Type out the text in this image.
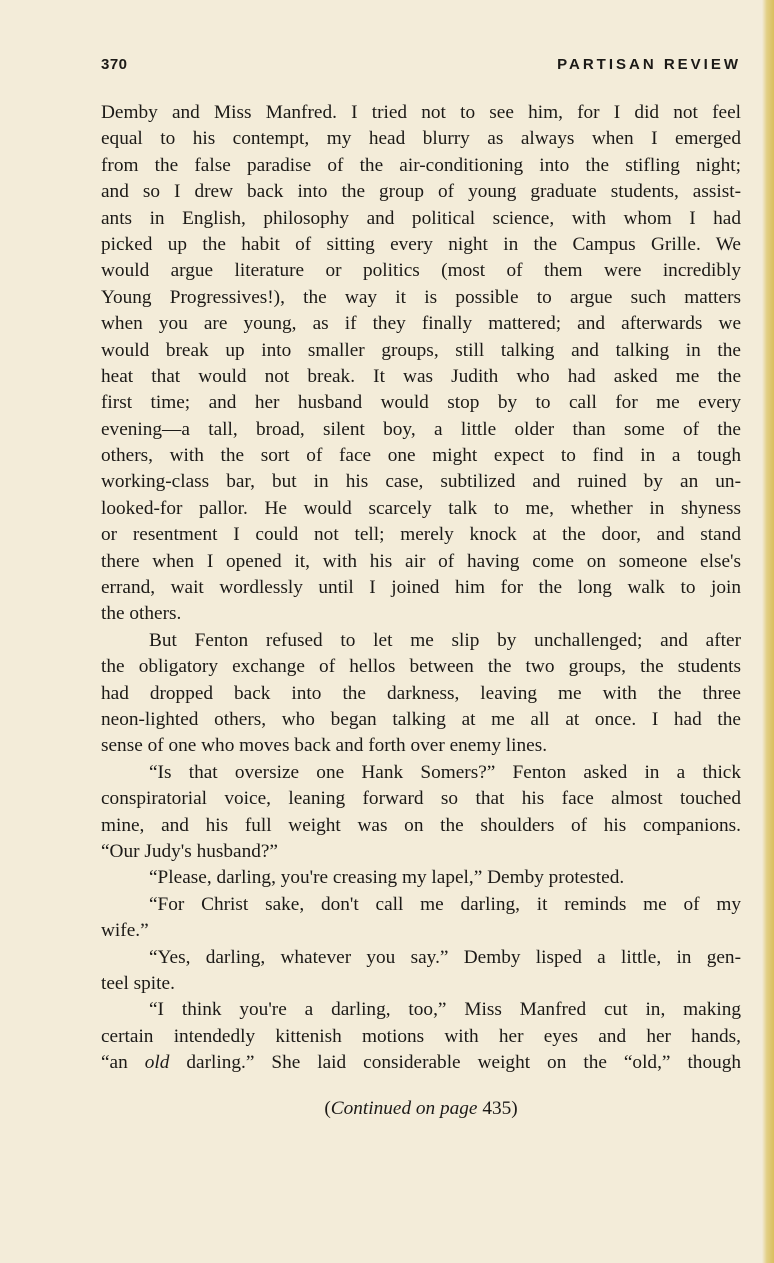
370	PARTISAN REVIEW
Demby and Miss Manfred. I tried not to see him, for I did not feel
equal to his contempt, my head blurry as always when I emerged
from the false paradise of the air-conditioning into the stifling night;
and so I drew back into the group of young graduate students, assist-
ants in English, philosophy and political science, with whom I had
picked up the habit of sitting every night in the Campus Grille. We
would argue literature or politics (most of them were incredibly
Young Progressives!), the way it is possible to argue such matters
when you are young, as if they finally mattered; and afterwards we
would break up into smaller groups, still talking and talking in the
heat that would not break. It was Judith who had asked me the
first time; and her husband would stop by to call for me every
evening—a tall, broad, silent boy, a little older than some of the
others, with the sort of face one might expect to find in a tough
working-class bar, but in his case, subtilized and ruined by an un-
looked-for pallor. He would scarcely talk to me, whether in shyness
or resentment I could not tell; merely knock at the door, and stand
there when I opened it, with his air of having come on someone else's
errand, wait wordlessly until I joined him for the long walk to join
the others.
But Fenton refused to let me slip by unchallenged; and after
the obligatory exchange of hellos between the two groups, the students
had dropped back into the darkness, leaving me with the three
neon-lighted others, who began talking at me all at once. I had the
sense of one who moves back and forth over enemy lines.
“Is that oversize one Hank Somers?” Fenton asked in a thick
conspiratorial voice, leaning forward so that his face almost touched
mine, and his full weight was on the shoulders of his companions.
“Our Judy's husband?”
“Please, darling, you're creasing my lapel,” Demby protested.
“For Christ sake, don't call me darling, it reminds me of my
wife.”
“Yes, darling, whatever you say.” Demby lisped a little, in gen-
teel spite.
“I think you're a darling, too,” Miss Manfred cut in, making
certain intendedly kittenish motions with her eyes and her hands,
“an old darling.” She laid considerable weight on the “old,” though
(Continued on page 435)
